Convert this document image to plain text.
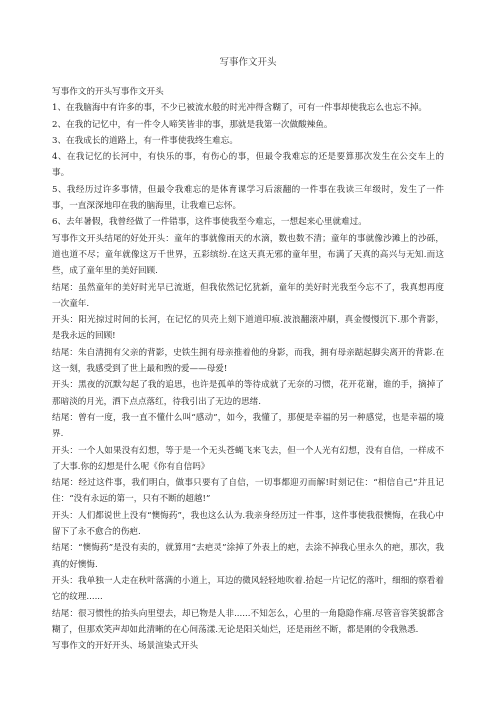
写事作文开头

写事作文的开头写事作文开头

1、在我脑海中有许多的事，不少已被流水般的时光冲得含糊了，可有一件事却使我忘么也忘不掉。

2、在我的记忆中，有一件令人啼笑皆非的事，那就是我第一次做酸辣鱼。

3、在我成长的道路上，有一件事使我终生难忘。

4、在我记忆的长河中，有快乐的事，有伤心的事，但最令我难忘的还是要算那次发生在公交车上的事。

5、我经历过许多事情，但最令我难忘的是体育课学习后滚翻的一件事在我读三年级时，发生了一件事，一直深深地印在我的脑海里，让我难已忘怀。

6、去年暑假，我曾经做了一件错事，这件事使我至今难忘，一想起来心里就难过。

写事作文开头结尾的好处开头：童年的事就像雨天的水滴，数也数不清；童年的事就像沙滩上的沙砾，道也道不尽；童年就像这万千世界，五彩缤纷.在这天真无邪的童年里，布满了天真的高兴与无知.而这些，成了童年里的美好回顾.

结尾：虽然童年的美好时光早已流逝，但我依然记忆犹新，童年的美好时光我至今忘不了，我真想再度一次童年.

开头：阳光掠过时间的长河，在记忆的贝壳上刻下道道印痕.波浪翻滚冲刷，真金慢慢沉下.那个背影，是我永远的回顾!

结尾：朱自清拥有父亲的背影，史铁生拥有母亲推着他的身影，而我，拥有母亲踮起脚尖离开的背影.在这一刻，我感受到了世上最和煦的爱——母爱!

开头：黑夜的沉默勾起了我的追思，也许是孤单的等待成就了无奈的习惯，花开花谢，谁的手，摘掉了那暗淡的月光，洒下点点落红，待我引出了无边的思绪.

结尾：曾有一度，我一直不懂什么叫“感动”，如今，我懂了，那便是幸福的另一种感觉，也是幸福的境界.

开头：一个人如果没有幻想，等于是一个无头苍蝇飞来飞去，但一个人光有幻想，没有自信，一样成不了大事.你的幻想是什么呢《你有自信吗》

结尾：经过这件事，我们明白，做事只要有了自信，一切事都迎刃而解!时刻记住：“相信自己”并且记住：“没有永远的第一，只有不断的超越!”

开头：人们都说世上没有“懊悔药”，我也这么认为.我亲身经历过一件事，这件事使我很懊悔，在我心中留下了永不愈合的伤疤.

结尾：“懊悔药”是没有卖的，就算用“去疤灵”涂掉了外表上的疤，去涂不掉我心里永久的疤，那次，我真的好懊悔.

开头：我单独一人走在秋叶落满的小道上，耳边的微风轻轻地吹着.拾起一片记忆的落叶，细细的察看着它的纹理......

结尾：很习惯性的抬头向里望去，却已物是人非......不知怎么，心里的一角隐隐作痛.尽管音容笑貌都含糊了，但那欢笑声却如此清晰的在心间荡漾.无论是阳关灿烂，还是雨丝不断，都是刚的令我熟悉.

写事作文的开好开头、场景渲染式开头
